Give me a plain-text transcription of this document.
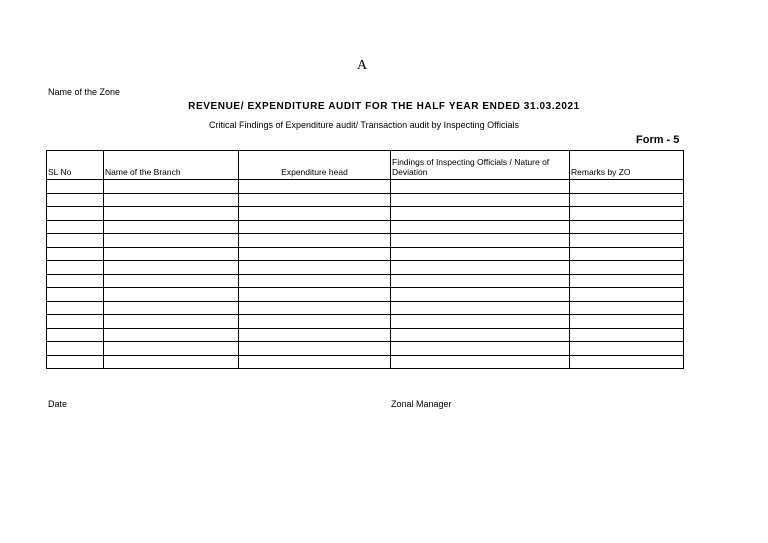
A
Name of the Zone
REVENUE/ EXPENDITURE AUDIT FOR THE HALF YEAR ENDED 31.03.2021
Critical Findings of Expenditure audit/ Transaction audit by Inspecting Officials
Form - 5
SL No	Name of the Branch	Expenditure head	Findings of Inspecting Officials / Nature of Deviation	Remarks by ZO

Date	Zonal Manager
